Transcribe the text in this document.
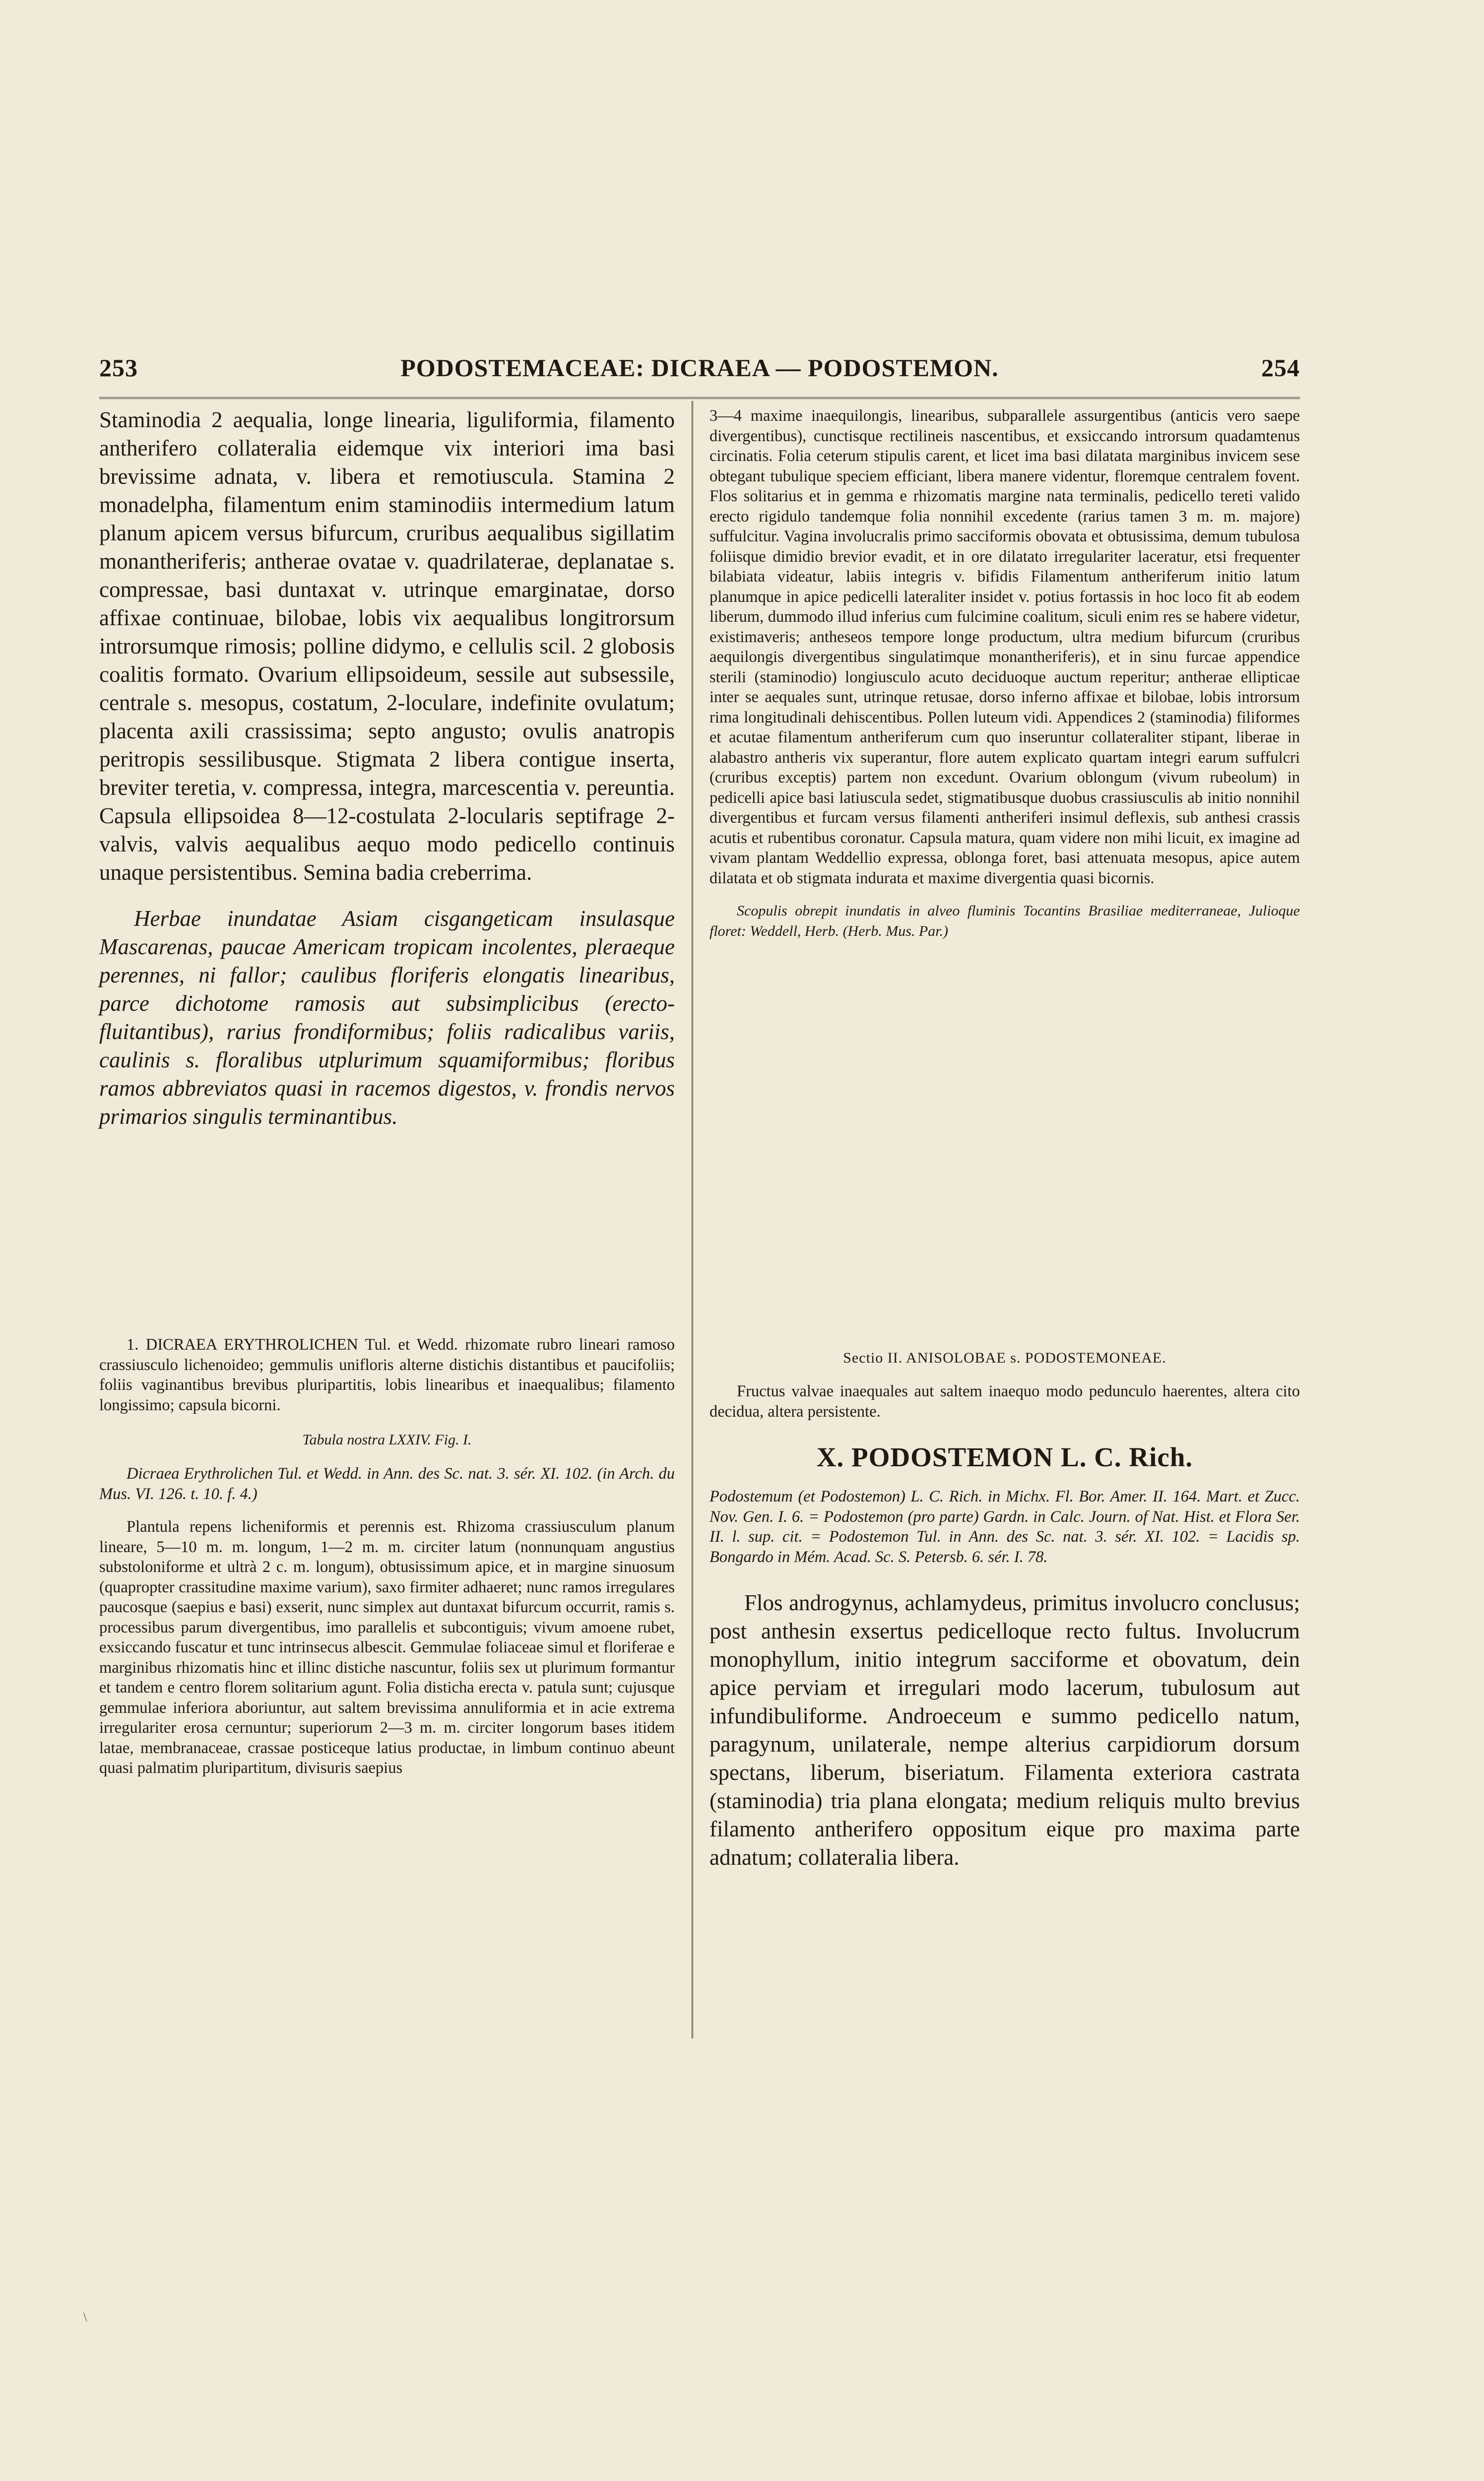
253	PODOSTEMACEAE: DICRAEA — PODOSTEMON.	254

Staminodia 2 aequalia, longe linearia, liguliformia, filamento antherifero collateralia eidemque vix interiori ima basi brevissime adnata, v. libera et remotiuscula. Stamina 2 monadelpha, filamentum enim staminodiis intermedium latum planum apicem versus bifurcum, cruribus aequalibus sigillatim monantheriferis; antherae ovatae v. quadrilaterae, deplanatae s. compressae, basi duntaxat v. utrinque emarginatae, dorso affixae continuae, bilobae, lobis vix aequalibus longitrorsum introrsumque rimosis; polline didymo, e cellulis scil. 2 globosis coalitis formato. Ovarium ellipsoideum, sessile aut subsessile, centrale s. mesopus, costatum, 2-loculare, indefinite ovulatum; placenta axili crassissima; septo angusto; ovulis anatropis peritropis sessilibusque. Stigmata 2 libera contigue inserta, breviter teretia, v. compressa, integra, marcescentia v. pereuntia. Capsula ellipsoidea 8—12-costulata 2-locularis septifrage 2-valvis, valvis aequalibus aequo modo pedicello continuis unaque persistentibus. Semina badia creberrima.

Herbae inundatae Asiam cisgangeticam insulasque Mascarenas, paucae Americam tropicam incolentes, pleraeque perennes, ni fallor; caulibus floriferis elongatis linearibus, parce dichotome ramosis aut subsimplicibus (erecto-fluitantibus), rarius frondiformibus; foliis radicalibus variis, caulinis s. floralibus utplurimum squamiformibus; floribus ramos abbreviatos quasi in racemos digestos, v. frondis nervos primarios singulis terminantibus.

1. DICRAEA ERYTHROLICHEN Tul. et Wedd. rhizomate rubro lineari ramoso crassiusculo lichenoideo; gemmulis unifloris alterne distichis distantibus et paucifoliis; foliis vaginantibus brevibus pluripartitis, lobis linearibus et inaequalibus; filamento longissimo; capsula bicorni.

Tabula nostra LXXIV. Fig. I.

Dicraea Erythrolichen Tul. et Wedd. in Ann. des Sc. nat. 3. sér. XI. 102. (in Arch. du Mus. VI. 126. t. 10. f. 4.)

Plantula repens licheniformis et perennis est. Rhizoma crassiusculum planum lineare, 5—10 m. m. longum, 1—2 m. m. circiter latum (nonnunquam angustius substoloniforme et ultrà 2 c. m. longum), obtusissimum apice, et in margine sinuosum (quapropter crassitudine maxime varium), saxo firmiter adhaeret; nunc ramos irregulares paucosque (saepius e basi) exserit, nunc simplex aut duntaxat bifurcum occurrit, ramis s. processibus parum divergentibus, imo parallelis et subcontiguis; vivum amoene rubet, exsiccando fuscatur et tunc intrinsecus albescit. Gemmulae foliaceae simul et floriferae e marginibus rhizomatis hinc et illinc distiche nascuntur, foliis sex ut plurimum formantur et tandem e centro florem solitarium agunt. Folia disticha erecta v. patula sunt; cujusque gemmulae inferiora aboriuntur, aut saltem brevissima annuliformia et in acie extrema irregulariter erosa cernuntur; superiorum 2—3 m. m. circiter longorum bases itidem latae, membranaceae, crassae posticeque latius productae, in limbum continuo abeunt quasi palmatim pluripartitum, divisuris saepius

3—4 maxime inaequilongis, linearibus, subparallele assurgentibus (anticis vero saepe divergentibus), cunctisque rectilineis nascentibus, et exsiccando introrsum quadamtenus circinatis. Folia ceterum stipulis carent, et licet ima basi dilatata marginibus invicem sese obtegant tubulique speciem efficiant, libera manere videntur, floremque centralem fovent. Flos solitarius et in gemma e rhizomatis margine nata terminalis, pedicello tereti valido erecto rigidulo tandemque folia nonnihil excedente (rarius tamen 3 m. m. majore) suffulcitur. Vagina involucralis primo sacciformis obovata et obtusissima, demum tubulosa foliisque dimidio brevior evadit, et in ore dilatato irregulariter laceratur, etsi frequenter bilabiata videatur, labiis integris v. bifidis Filamentum antheriferum initio latum planumque in apice pedicelli lateraliter insidet v. potius fortassis in hoc loco fit ab eodem liberum, dummodo illud inferius cum fulcimine coalitum, siculi enim res se habere videtur, existimaveris; antheseos tempore longe productum, ultra medium bifurcum (cruribus aequilongis divergentibus singulatimque monantheriferis), et in sinu furcae appendice sterili (staminodio) longiusculo acuto deciduoque auctum reperitur; antherae ellipticae inter se aequales sunt, utrinque retusae, dorso inferno affixae et bilobae, lobis introrsum rima longitudinali dehiscentibus. Pollen luteum vidi. Appendices 2 (staminodia) filiformes et acutae filamentum antheriferum cum quo inseruntur collateraliter stipant, liberae in alabastro antheris vix superantur, flore autem explicato quartam integri earum suffulcri (cruribus exceptis) partem non excedunt. Ovarium oblongum (vivum rubeolum) in pedicelli apice basi latiuscula sedet, stigmatibusque duobus crassiusculis ab initio nonnihil divergentibus et furcam versus filamenti antheriferi insimul deflexis, sub anthesi crassis acutis et rubentibus coronatur. Capsula matura, quam videre non mihi licuit, ex imagine ad vivam plantam Weddellio expressa, oblonga foret, basi attenuata mesopus, apice autem dilatata et ob stigmata indurata et maxime divergentia quasi bicornis.

Scopulis obrepit inundatis in alveo fluminis Tocantins Brasiliae mediterraneae, Julioque floret: Weddell, Herb. (Herb. Mus. Par.)

Sectio II. ANISOLOBAE s. PODOSTEMONEAE.

Fructus valvae inaequales aut saltem inaequo modo pedunculo haerentes, altera cito decidua, altera persistente.

X. PODOSTEMON L. C. Rich.

Podostemum (et Podostemon) L. C. Rich. in Michx. Fl. Bor. Amer. II. 164. Mart. et Zucc. Nov. Gen. I. 6. = Podostemon (pro parte) Gardn. in Calc. Journ. of Nat. Hist. et Flora Ser. II. l. sup. cit. = Podostemon Tul. in Ann. des Sc. nat. 3. sér. XI. 102. = Lacidis sp. Bongardo in Mém. Acad. Sc. S. Petersb. 6. sér. I. 78.

Flos androgynus, achlamydeus, primitus involucro conclusus; post anthesin exsertus pedicelloque recto fultus. Involucrum monophyllum, initio integrum sacciforme et obovatum, dein apice perviam et irregulari modo lacerum, tubulosum aut infundibuliforme. Androeceum e summo pedicello natum, paragynum, unilaterale, nempe alterius carpidiorum dorsum spectans, liberum, biseriatum. Filamenta exteriora castrata (staminodia) tria plana elongata; medium reliquis multo brevius filamento antherifero oppositum eique pro maxima parte adnatum; collateralia libera.

\
